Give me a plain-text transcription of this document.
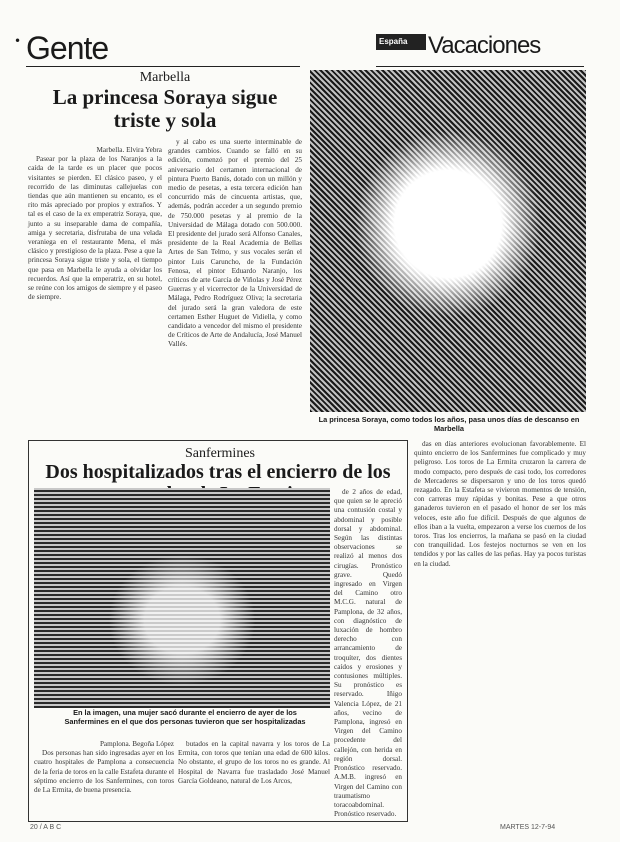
• Gente	España Vacaciones
Marbella
La princesa Soraya sigue triste y sola
Marbella. Elvira Yebra

Pasear por la plaza de los Naranjos a la caída de la tarde es un placer que pocos visitantes se pierden. El clásico paseo, y el recorrido de las diminutas callejuelas con tiendas que aún mantienen su encanto, es el rito más apreciado por propios y extraños. Y tal es el caso de la ex emperatriz Soraya, que, junto a su inseparable dama de compañía, amiga y secretaria, disfrutaba de una velada veraniega en el restaurante Mena, el más clásico y prestigioso de la plaza. Pese a que la princesa Soraya sigue triste y sola, el tiempo que pasa en Marbella le ayuda a olvidar los recuerdos. Así que la emperatriz, en su hotel, se reúne con los amigos de siempre y el paseo de siempre.

y al cabo es una suerte interminable de grandes cambios. Cuando se falló en su edición, comenzó por el premio del 25 aniversario del certamen internacional de pintura Puerto Banús, dotado con un millón y medio de pesetas, a esta tercera edición han concurrido más de cincuenta artistas, que, además, podrán acceder a un segundo premio de 750.000 pesetas y al premio de la Universidad de Málaga dotado con 500.000. El presidente del jurado será Alfonso Canales, presidente de la Real Academia de Bellas Artes de San Telmo, y sus vocales serán el pintor Luis Caruncho, de la Fundación Fenosa, el pintor Eduardo Naranjo, los críticos de arte García de Viñolas y José Pérez Guerras y el vicerrector de la Universidad de Málaga, Pedro Rodríguez Oliva; la secretaria del jurado será la gran valedora de este certamen Esther Huguet de Vidiella, y como candidato a vencedor del mismo el presidente de Críticos de Arte de Andalucía, José Manuel Vallés.

La princesa Soraya, como todos los años, pasa unos días de descanso en Marbella
Sanfermines
Dos hospitalizados tras el encierro de los
En la imagen, una mujer sacó durante el encierro de ayer de los Sanfermines en el que dos personas tuvieron que ser hospitalizadas

de 2 años de edad, que quien se le apreció una contusión costal y abdominal y posible dorsal y abdominal. Según las distintas observaciones se realizó al menos dos cirugías. Pronóstico grave. Quedó ingresado en Virgen del Camino otro M.C.G. natural de Pamplona, de 32 años, con diagnóstico de luxación de hombro derecho con arrancamiento de troquíter, dos dientes caídos y erosiones y contusiones múltiples. Su pronóstico es reservado. Iñigo Valencia López, de 21 años, vecino de Pamplona, ingresó en Virgen del Camino procedente del callejón, con herida en región dorsal. Pronóstico reservado. A.M.B. ingresó en Virgen del Camino con traumatismo toracoabdominal. Pronóstico reservado.

Pamplona. Begoña López

Dos personas han sido ingresadas ayer en los cuatro hospitales de Pamplona a consecuencia de la feria de toros en la calle Estafeta durante el séptimo encierro de los Sanfermines, con toros de La Ermita, de buena presencia.

butados en la capital navarra y los toros de La Ermita, con toros que tenían una edad de 600 kilos. No obstante, el grupo de los toros no es grande. Al Hospital de Navarra fue trasladado José Manuel García Goldeano, natural de Los Arcos,

das en días anteriores evolucionan favorablemente. El quinto encierro de los Sanfermines fue complicado y muy peligroso. Los toros de La Ermita cruzaron la carrera de modo compacto, pero después de casi todo, los corredores de Mercaderes se dispersaron y uno de los toros quedó rezagado. En la Estafeta se vivieron momentos de tensión, con carreras muy rápidas y bonitas. Pese a que otros ganaderos tuvieron en el pasado el honor de ser los más veloces, este año fue difícil. Después de que algunos de ellos iban a la vuelta, empezaron a verse los cuernos de los toros. Tras los encierros, la mañana se pasó en la ciudad con tranquilidad. Los festejos nocturnos se ven en los tendidos y por las calles de las peñas. Hay ya pocos turistas en la ciudad.

20 / A B C	MARTES 12-7-94
